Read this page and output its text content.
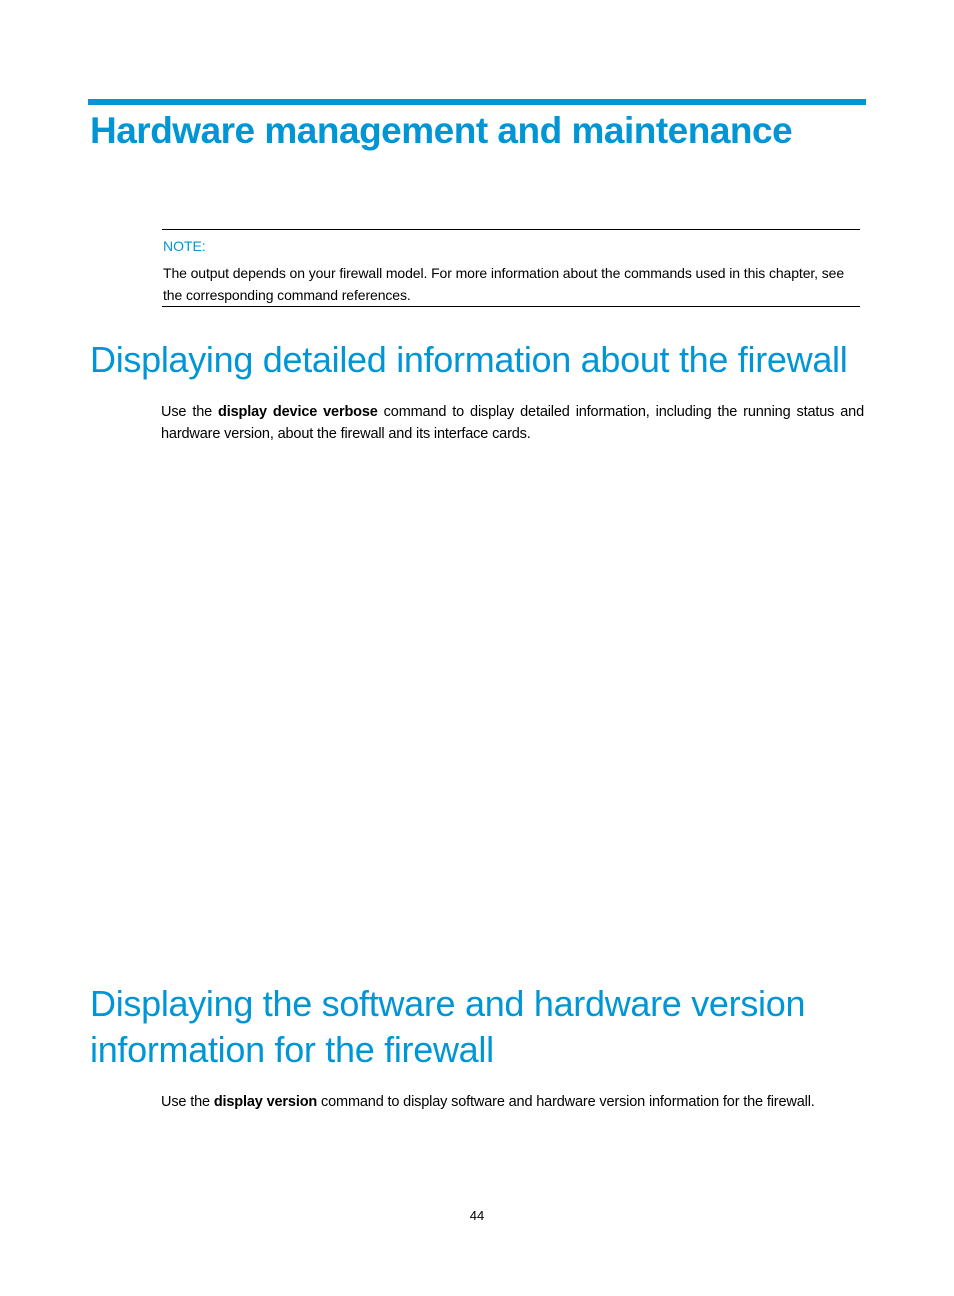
Hardware management and maintenance

NOTE:

The output depends on your firewall model. For more information about the commands used in this chapter, see the corresponding command references.

Displaying detailed information about the firewall

Use the display device verbose command to display detailed information, including the running status and hardware version, about the firewall and its interface cards.

Displaying the software and hardware version information for the firewall

Use the display version command to display software and hardware version information for the firewall.

44
